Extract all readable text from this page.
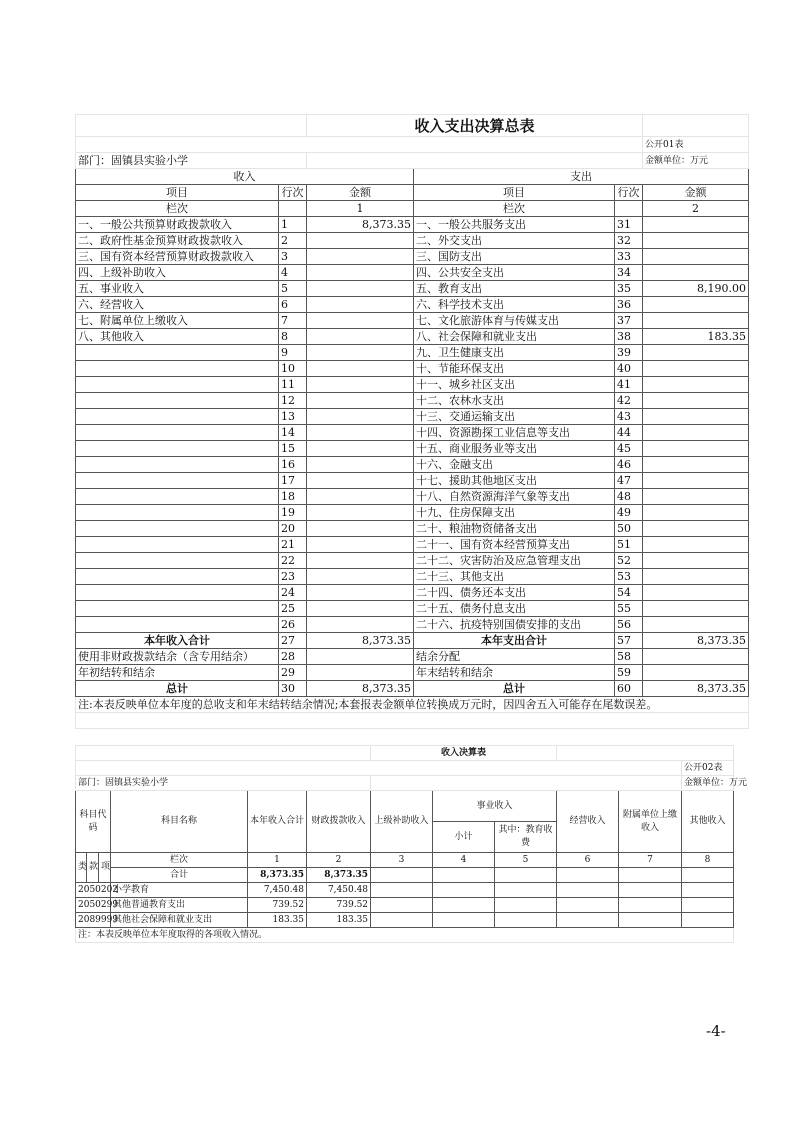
		收入支出决算总表			
					公开01表
部门：固镇县实验小学					金额单位：万元
收入			支出		
项目	行次	金额	项目	行次	金额
栏次		1	栏次		2
一、一般公共预算财政拨款收入	1	8,373.35	一、一般公共服务支出	31	
二、政府性基金预算财政拨款收入	2		二、外交支出	32	
三、国有资本经营预算财政拨款收入	3		三、国防支出	33	
四、上级补助收入	4		四、公共安全支出	34	
五、事业收入	5		五、教育支出	35	8,190.00
六、经营收入	6		六、科学技术支出	36	
七、附属单位上缴收入	7		七、文化旅游体育与传媒支出	37	
八、其他收入	8		八、社会保障和就业支出	38	183.35
	9		九、卫生健康支出	39	
	10		十、节能环保支出	40	
	11		十一、城乡社区支出	41	
	12		十二、农林水支出	42	
	13		十三、交通运输支出	43	
	14		十四、资源勘探工业信息等支出	44	
	15		十五、商业服务业等支出	45	
	16		十六、金融支出	46	
	17		十七、援助其他地区支出	47	
	18		十八、自然资源海洋气象等支出	48	
	19		十九、住房保障支出	49	
	20		二十、粮油物资储备支出	50	
	21		二十一、国有资本经营预算支出	51	
	22		二十二、灾害防治及应急管理支出	52	
	23		二十三、其他支出	53	
	24		二十四、债务还本支出	54	
	25		二十五、债务付息支出	55	
	26		二十六、抗疫特别国债安排的支出	56	
本年收入合计	27	8,373.35	本年支出合计	57	8,373.35
使用非财政拨款结余（含专用结余）	28		结余分配	58	
年初结转和结余	29		年末结转和结余	59	
总计	30	8,373.35	总计	60	8,373.35
注:本表反映单位本年度的总收支和年末结转结余情况;本套报表金额单位转换成万元时，因四舍五入可能存在尾数误差。					

						收入决算表					
											公开02表
部门：固镇县实验小学											金额单位：万元
科目代码			科目名称	本年收入合计	财政拨款收入	上级补助收入	事业收入		经营收入	附属单位上缴收入	其他收入
							小计	其中：教育收费			
类	款	项	栏次	1	2	3	4	5	6	7	8
			合计	8,373.35	8,373.35						
2050202			小学教育	7,450.48	7,450.48						
2050299			其他普通教育支出	739.52	739.52						
2089999			其他社会保障和就业支出	183.35	183.35						
注：本表反映单位本年度取得的各项收入情况。											
-4-
